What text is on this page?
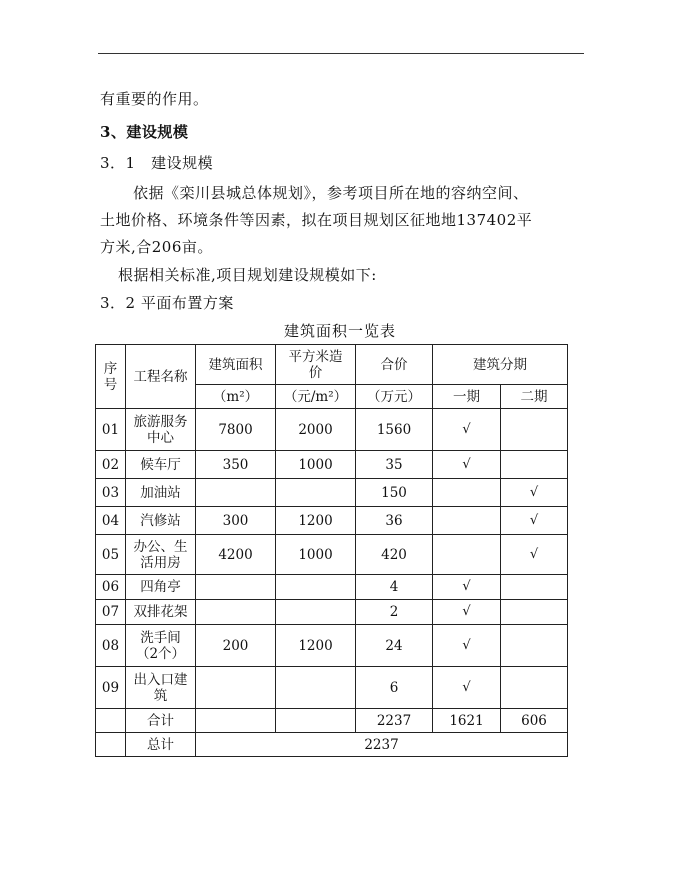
有重要的作用。
3、建设规模
3．1　建设规模
依据《栾川县城总体规划》，参考项目所在地的容纳空间、
土地价格、环境条件等因素，拟在项目规划区征地地137402平
方米,合206亩。
根据相关标准,项目规划建设规模如下:
3．2 平面布置方案
建筑面积一览表
序号	工程名称	建筑面积	平方米造价	合价	建筑分期	
		（m²）	（元/m²）	（万元）	一期	二期
01	旅游服务中心	7800	2000	1560	√	
02	候车厅	350	1000	35	√	
03	加油站			150		√
04	汽修站	300	1200	36		√
05	办公、生活用房	4200	1000	420		√
06	四角亭			4	√	
07	双排花架			2	√	
08	洗手间（2个）	200	1200	24	√	
09	出入口建筑			6	√	
	合计			2237	1621	606
	总计	2237				
